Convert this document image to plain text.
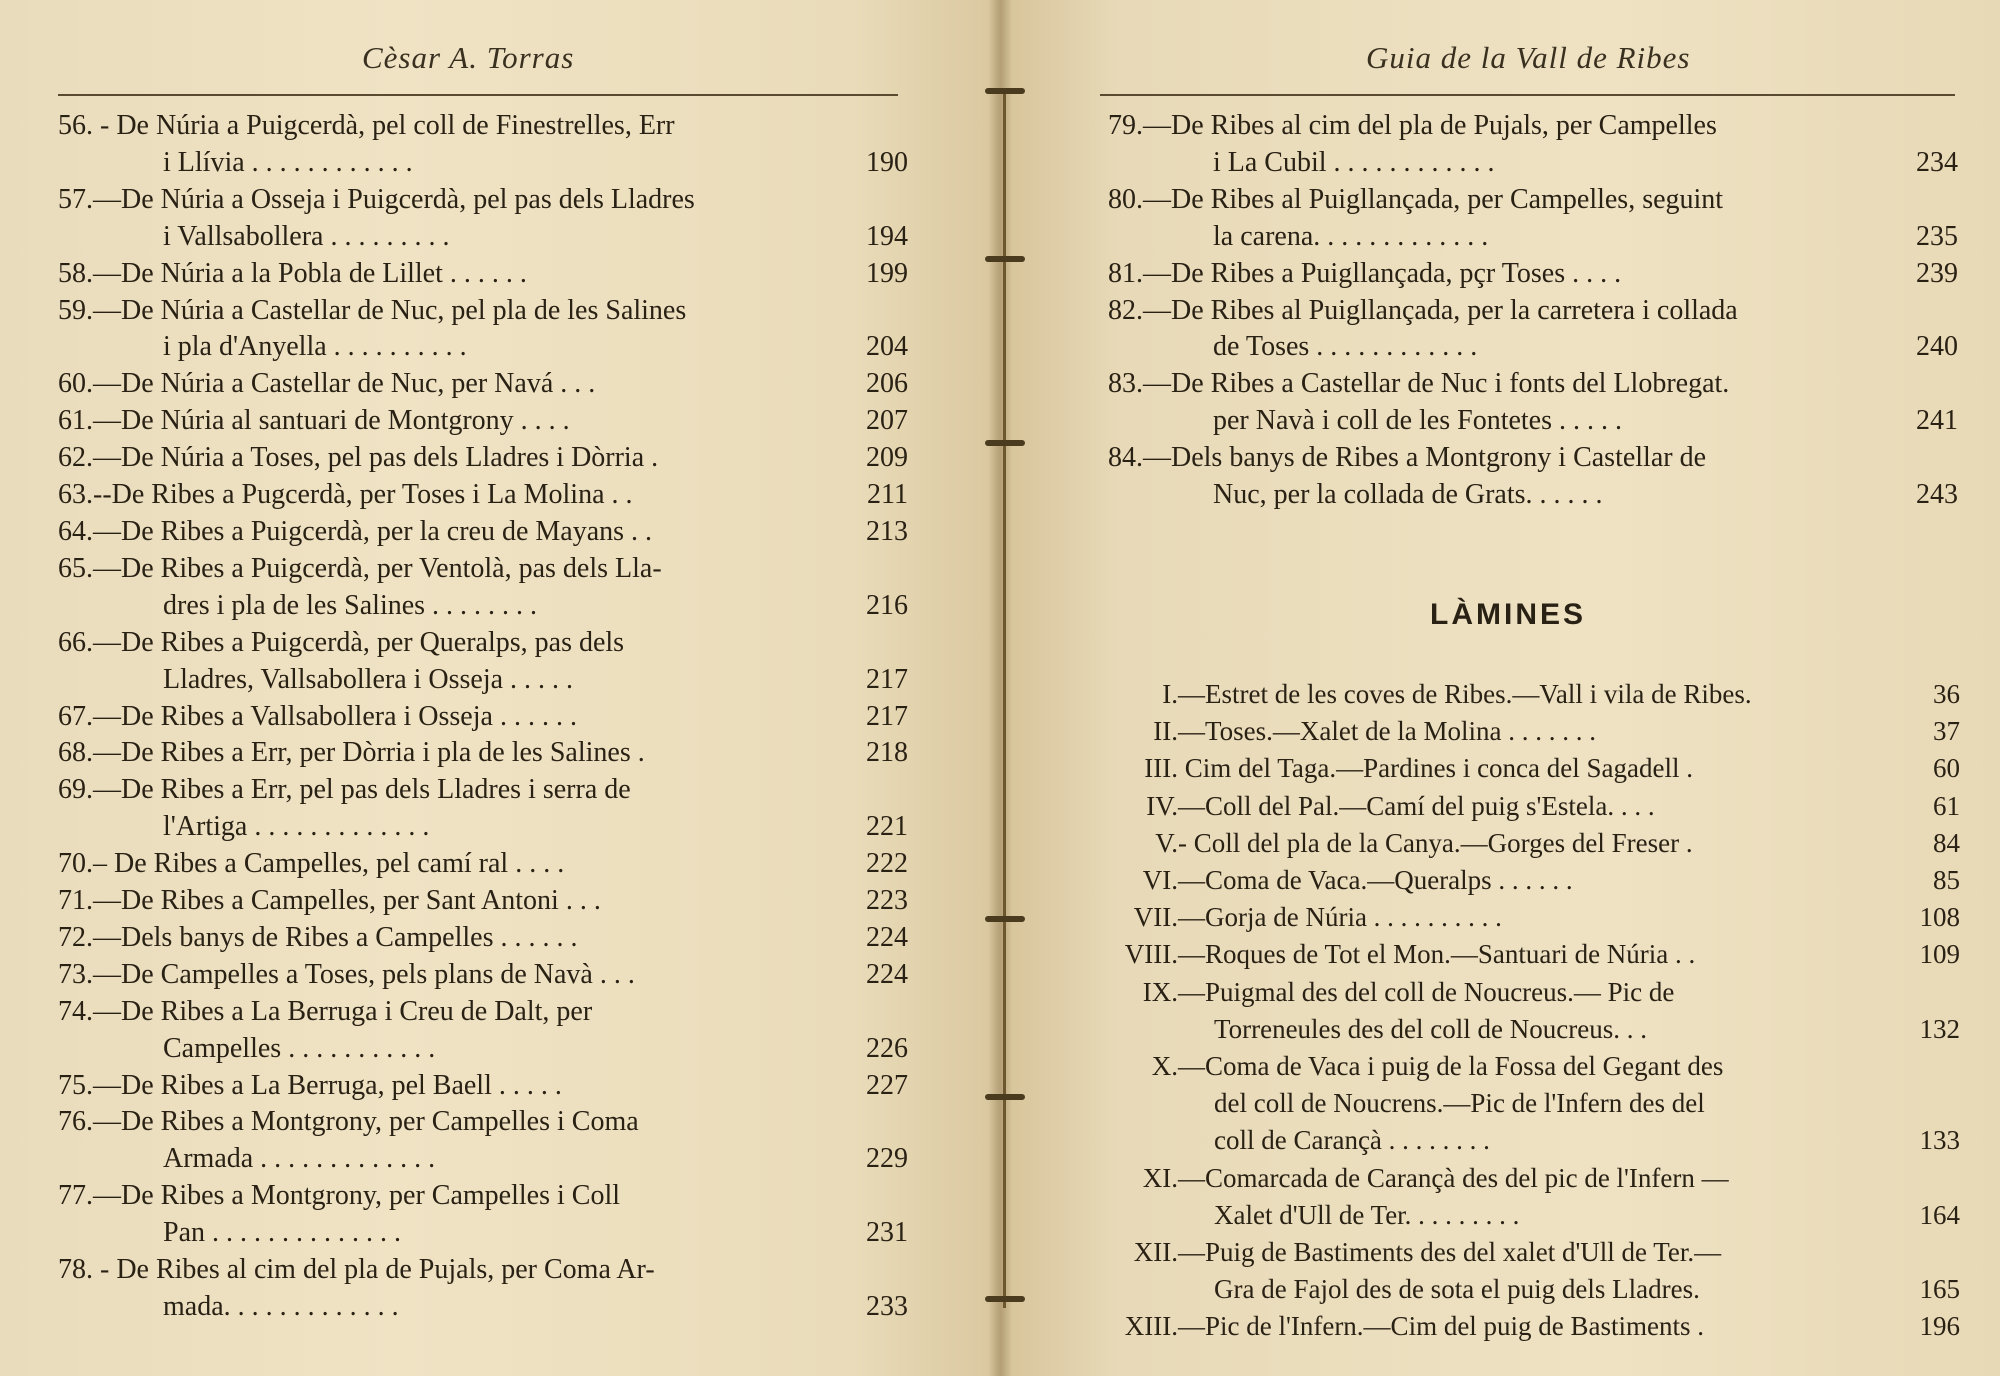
Cèsar A. Torras	Guia de la Vall de Ribes
56. - De Núria a Puigcerdà, pel coll de Finestrelles, Err
i Llívia . . . . . . . . . . . .	190
57.—De Núria a Osseja i Puigcerdà, pel pas dels Lladres
i Vallsabollera . . . . . . . . .	194
58.—De Núria a la Pobla de Lillet . . . . . .	199
59.—De Núria a Castellar de Nuc, pel pla de les Salines
i pla d'Anyella . . . . . . . . . .	204
60.—De Núria a Castellar de Nuc, per Navá . . .	206
61.—De Núria al santuari de Montgrony . . . .	207
62.—De Núria a Toses, pel pas dels Lladres i Dòrria .	209
63.--De Ribes a Pugcerdà, per Toses i La Molina . .	211
64.—De Ribes a Puigcerdà, per la creu de Mayans . .	213
65.—De Ribes a Puigcerdà, per Ventolà, pas dels Lla-
dres i pla de les Salines . . . . . . . .	216
66.—De Ribes a Puigcerdà, per Queralps, pas dels
Lladres, Vallsabollera i Osseja . . . . .	217
67.—De Ribes a Vallsabollera i Osseja . . . . . .	217
68.—De Ribes a Err, per Dòrria i pla de les Salines .	218
69.—De Ribes a Err, pel pas dels Lladres i serra de
l'Artiga . . . . . . . . . . . . .	221
70.– De Ribes a Campelles, pel camí ral . . . .	222
71.—De Ribes a Campelles, per Sant Antoni . . .	223
72.—Dels banys de Ribes a Campelles . . . . . .	224
73.—De Campelles a Toses, pels plans de Navà . . .	224
74.—De Ribes a La Berruga i Creu de Dalt, per
Campelles . . . . . . . . . . .	226
75.—De Ribes a La Berruga, pel Baell . . . . .	227
76.—De Ribes a Montgrony, per Campelles i Coma
Armada . . . . . . . . . . . . .	229
77.—De Ribes a Montgrony, per Campelles i Coll
Pan . . . . . . . . . . . . . .	231
78. - De Ribes al cim del pla de Pujals, per Coma Ar-
mada. . . . . . . . . . . . .	233
79.—De Ribes al cim del pla de Pujals, per Campelles
i La Cubil . . . . . . . . . . . .	234
80.—De Ribes al Puigllançada, per Campelles, seguint
la carena. . . . . . . . . . . . .	235
81.—De Ribes a Puigllançada, pçr Toses . . . .	239
82.—De Ribes al Puigllançada, per la carretera i collada
de Toses . . . . . . . . . . . .	240
83.—De Ribes a Castellar de Nuc i fonts del Llobregat.
per Navà i coll de les Fontetes . . . . .	241
84.—Dels banys de Ribes a Montgrony i Castellar de
Nuc, per la collada de Grats. . . . . .	243
LÀMINES
I.—Estret de les coves de Ribes.—Vall i vila de Ribes.	36
II.—Toses.—Xalet de la Molina . . . . . . .	37
III. Cim del Taga.—Pardines i conca del Sagadell .	60
IV.—Coll del Pal.—Camí del puig s'Estela. . . .	61
V.- Coll del pla de la Canya.—Gorges del Freser .	84
VI.—Coma de Vaca.—Queralps . . . . . .	85
VII.—Gorja de Núria . . . . . . . . . .	108
VIII.—Roques de Tot el Mon.—Santuari de Núria . .	109
IX.—Puigmal des del coll de Noucreus.— Pic de
Torreneules des del coll de Noucreus. . .	132
X.—Coma de Vaca i puig de la Fossa del Gegant des
del coll de Noucrens.—Pic de l'Infern des del
coll de Carançà . . . . . . . .	133
XI.—Comarcada de Carançà des del pic de l'Infern —
Xalet d'Ull de Ter. . . . . . . . .	164
XII.—Puig de Bastiments des del xalet d'Ull de Ter.—
Gra de Fajol des de sota el puig dels Lladres.	165
XIII.—Pic de l'Infern.—Cim del puig de Bastiments .	196
